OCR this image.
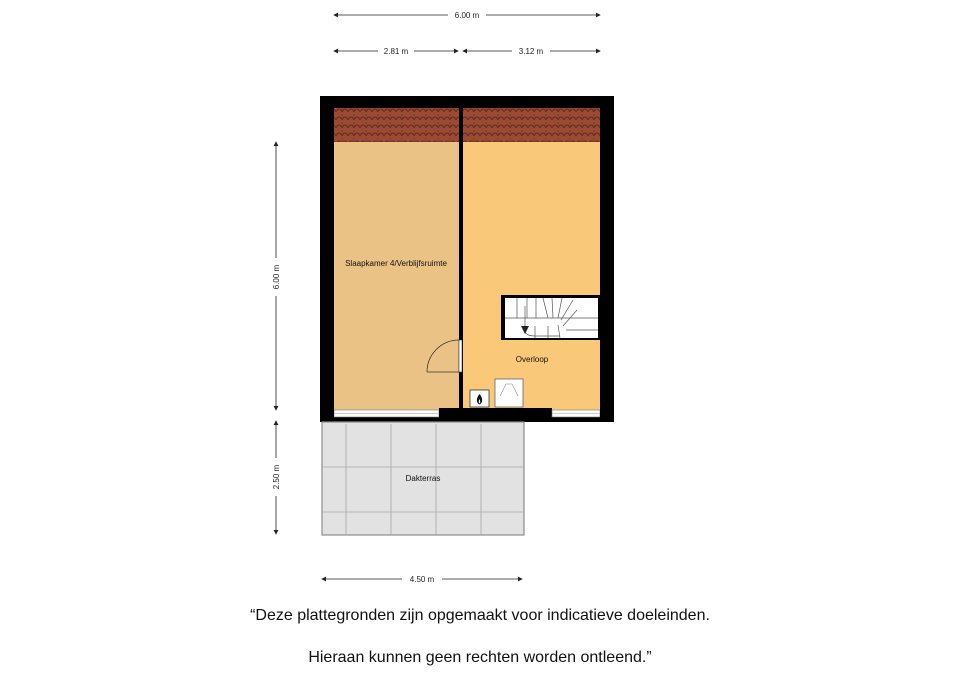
6.00 m
2.81 m	3.12 m
6.00 m
2.50 m
4.50 m
Slaapkamer 4/Verblijfsruimte
Overloop
Dakterras
“Deze plattegronden zijn opgemaakt voor indicatieve doeleinden.
Hieraan kunnen geen rechten worden ontleend.”
